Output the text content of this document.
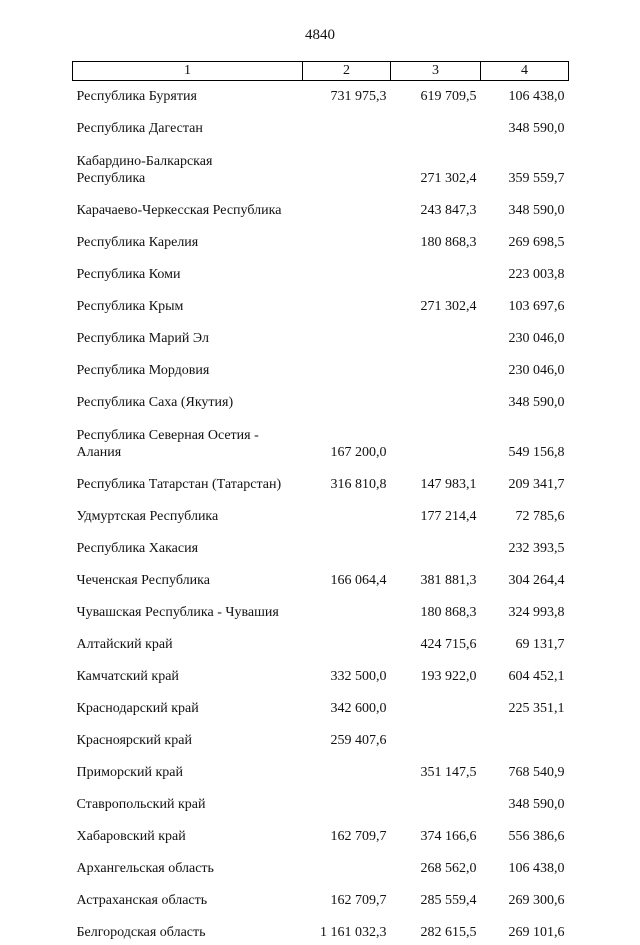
4840
1	2	3	4
Республика Бурятия	731 975,3	619 709,5	106 438,0
Республика Дагестан			348 590,0
Кабардино-Балкарская
Республика		271 302,4	359 559,7
Карачаево-Черкесская Республика		243 847,3	348 590,0
Республика Карелия		180 868,3	269 698,5
Республика Коми			223 003,8
Республика Крым		271 302,4	103 697,6
Республика Марий Эл			230 046,0
Республика Мордовия			230 046,0
Республика Саха (Якутия)			348 590,0
Республика Северная Осетия -
Алания	167 200,0		549 156,8
Республика Татарстан (Татарстан)	316 810,8	147 983,1	209 341,7
Удмуртская Республика		177 214,4	72 785,6
Республика Хакасия			232 393,5
Чеченская Республика	166 064,4	381 881,3	304 264,4
Чувашская Республика - Чувашия		180 868,3	324 993,8
Алтайский край		424 715,6	69 131,7
Камчатский край	332 500,0	193 922,0	604 452,1
Краснодарский край	342 600,0		225 351,1
Красноярский край	259 407,6		
Приморский край		351 147,5	768 540,9
Ставропольский край			348 590,0
Хабаровский край	162 709,7	374 166,6	556 386,6
Архангельская область		268 562,0	106 438,0
Астраханская область	162 709,7	285 559,4	269 300,6
Белгородская область	1 161 032,3	282 615,5	269 101,6
